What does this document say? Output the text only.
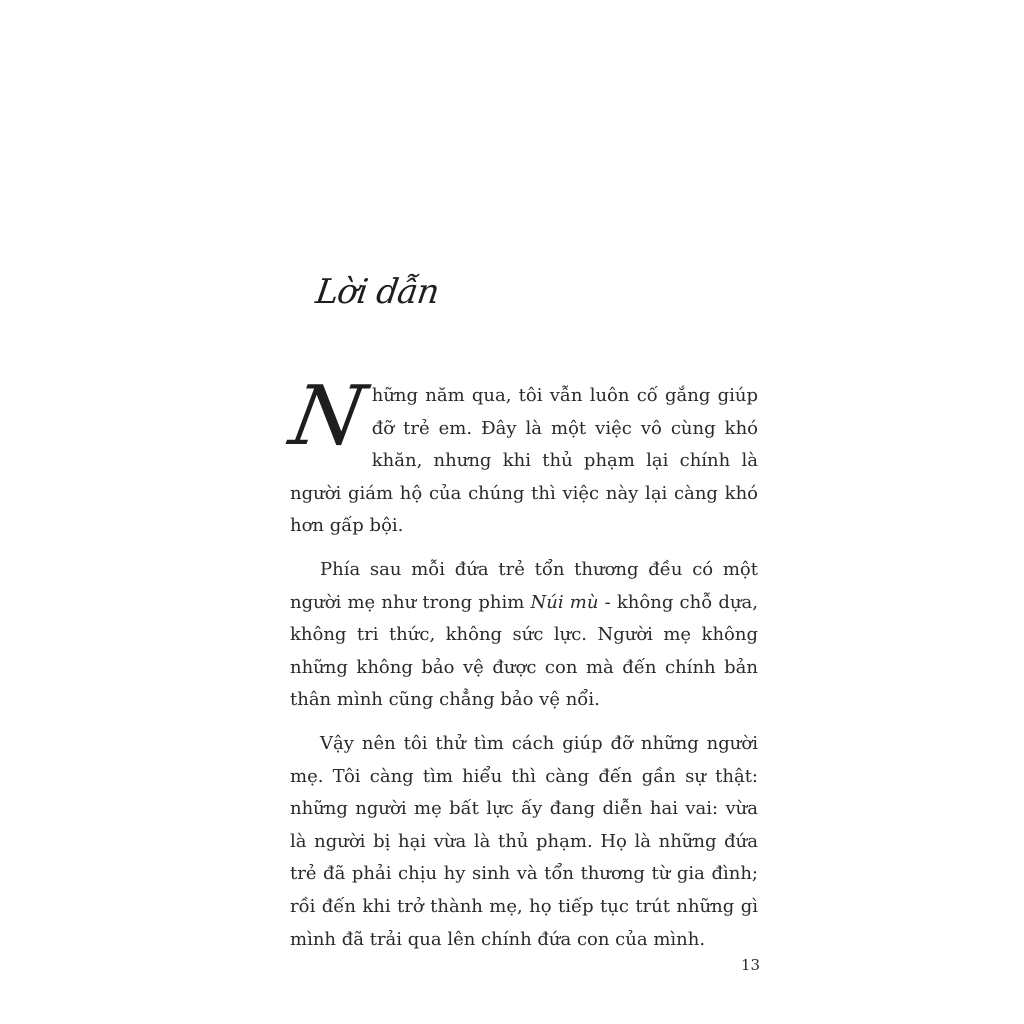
Lời dẫn

Những năm qua, tôi vẫn luôn cố gắng giúp đỡ trẻ em. Đây là một việc vô cùng khó khăn, nhưng khi thủ phạm lại chính là người giám hộ của chúng thì việc này lại càng khó hơn gấp bội.

Phía sau mỗi đứa trẻ tổn thương đều có một người mẹ như trong phim Núi mù - không chỗ dựa, không tri thức, không sức lực. Người mẹ không những không bảo vệ được con mà đến chính bản thân mình cũng chẳng bảo vệ nổi.

Vậy nên tôi thử tìm cách giúp đỡ những người mẹ. Tôi càng tìm hiểu thì càng đến gần sự thật: những người mẹ bất lực ấy đang diễn hai vai: vừa là người bị hại vừa là thủ phạm. Họ là những đứa trẻ đã phải chịu hy sinh và tổn thương từ gia đình; rồi đến khi trở thành mẹ, họ tiếp tục trút những gì mình đã trải qua lên chính đứa con của mình.

13
